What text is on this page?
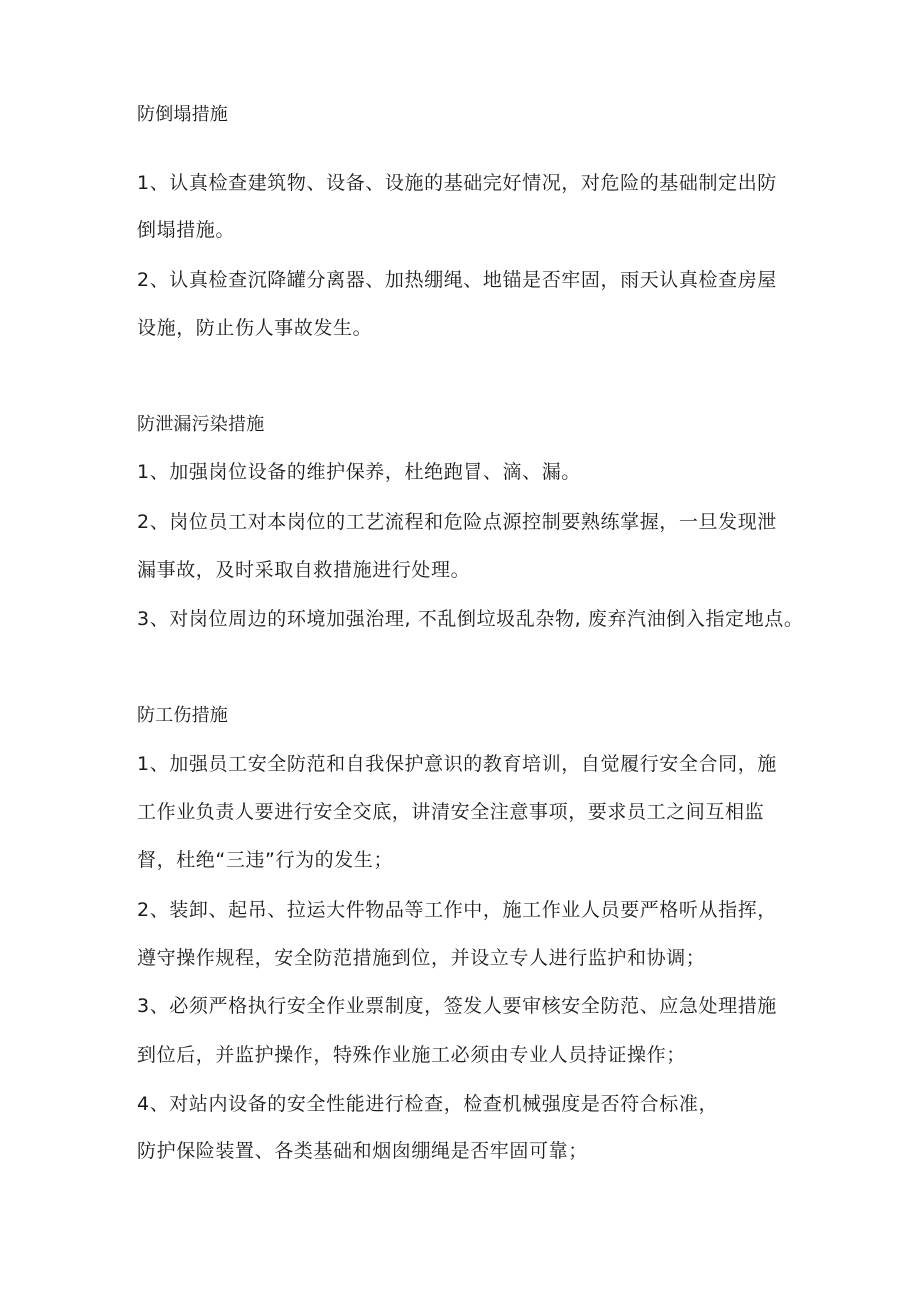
防倒塌措施
1、认真检查建筑物、设备、设施的基础完好情况，对危险的基础制定出防
倒塌措施。
2、认真检查沉降罐分离器、加热绷绳、地锚是否牢固，雨天认真检查房屋
设施，防止伤人事故发生。
防泄漏污染措施
1、加强岗位设备的维护保养，杜绝跑冒、滴、漏。
2、岗位员工对本岗位的工艺流程和危险点源控制要熟练掌握，一旦发现泄
漏事故，及时采取自救措施进行处理。
3、对岗位周边的环境加强治理, 不乱倒垃圾乱杂物, 废弃汽油倒入指定地点。
防工伤措施
1、加强员工安全防范和自我保护意识的教育培训，自觉履行安全合同，施
工作业负责人要进行安全交底，讲清安全注意事项，要求员工之间互相监
督，杜绝“三违”行为的发生；
2、装卸、起吊、拉运大件物品等工作中，施工作业人员要严格听从指挥，
遵守操作规程，安全防范措施到位，并设立专人进行监护和协调；
3、必须严格执行安全作业票制度，签发人要审核安全防范、应急处理措施
到位后，并监护操作，特殊作业施工必须由专业人员持证操作；
4、对站内设备的安全性能进行检查，检查机械强度是否符合标准，
防护保险装置、各类基础和烟囱绷绳是否牢固可靠；
